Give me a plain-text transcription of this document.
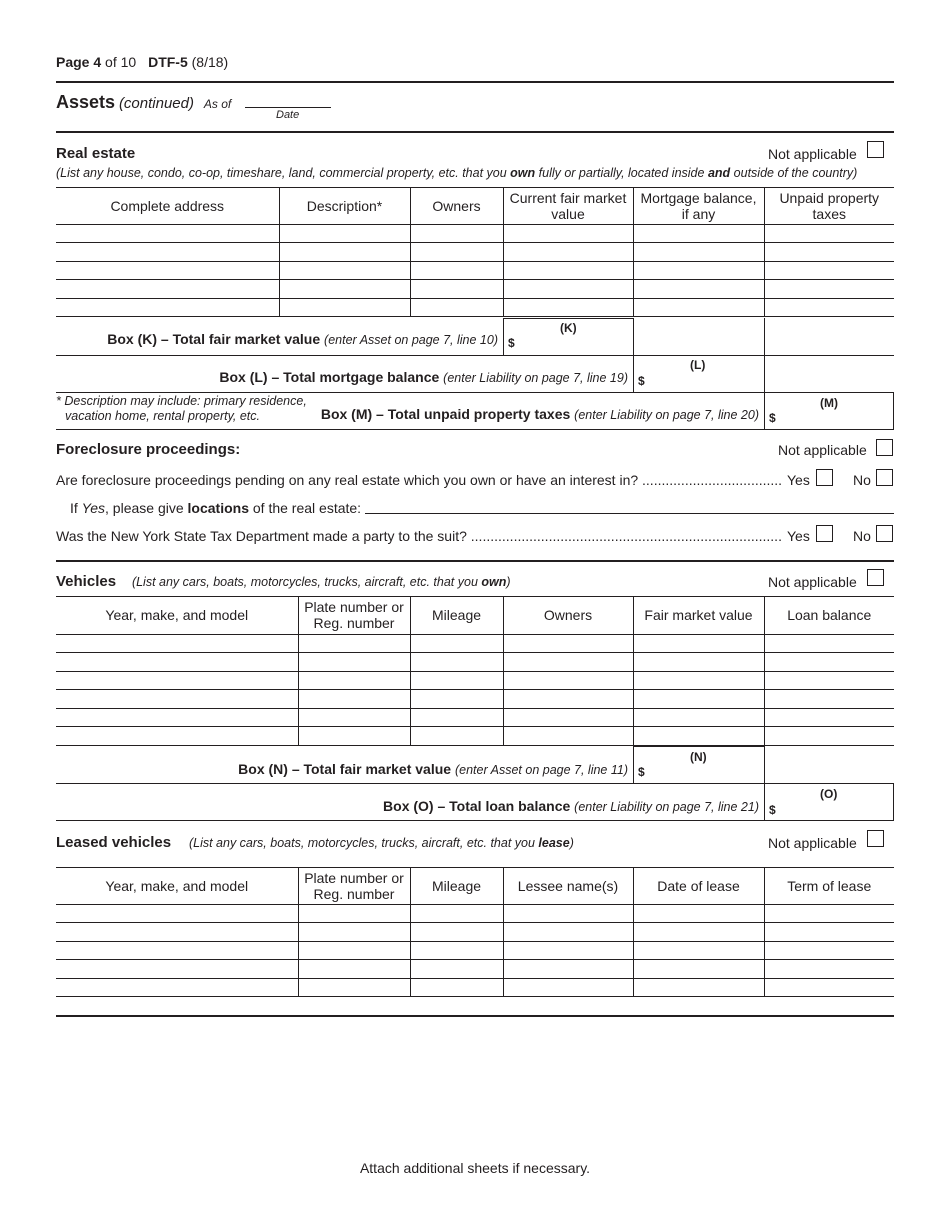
Page 4 of 10 DTF-5 (8/18)
Assets (continued) As of
Date
Real estate	Not applicable
(List any house, condo, co-op, timeshare, land, commercial property, etc. that you own fully or partially, located inside and outside of the country)
Complete address	Description*	Owners	Current fair market value	Mortgage balance, if any	Unpaid property taxes

(K)
$
Box (K) – Total fair market value (enter Asset on page 7, line 10)
(L)
$
Box (L) – Total mortgage balance (enter Liability on page 7, line 19)
(M)
$
* Description may include: primary residence,
vacation home, rental property, etc.	Box (M) – Total unpaid property taxes (enter Liability on page 7, line 20)
Foreclosure proceedings:	Not applicable
Are foreclosure proceedings pending on any real estate which you own or have an interest in? .................................... Yes	No
If Yes, please give locations of the real estate:
Was the New York State Tax Department made a party to the suit? ................................................................................ Yes	No
Vehicles (List any cars, boats, motorcycles, trucks, aircraft, etc. that you own)	Not applicable
Year, make, and model	Plate number or Reg. number	Mileage	Owners	Fair market value	Loan balance

(N)
$
Box (N) – Total fair market value (enter Asset on page 7, line 11)
(O)
$
Box (O) – Total loan balance (enter Liability on page 7, line 21)
Leased vehicles (List any cars, boats, motorcycles, trucks, aircraft, etc. that you lease)	Not applicable
Year, make, and model	Plate number or Reg. number	Mileage	Lessee name(s)	Date of lease	Term of lease

Attach additional sheets if necessary.
